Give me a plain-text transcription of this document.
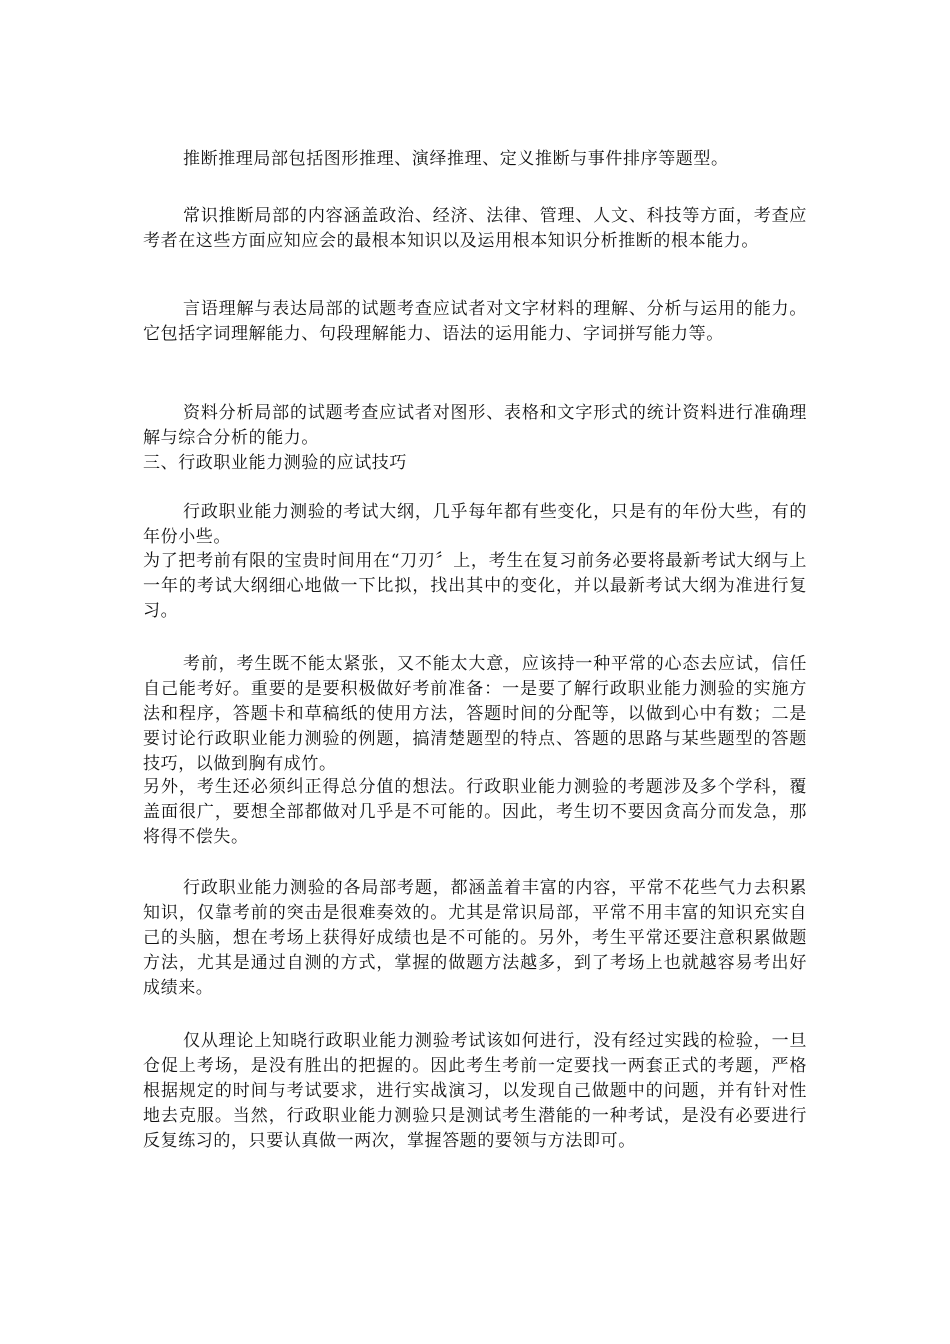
推断推理局部包括图形推理、演绎推理、定义推断与事件排序等题型。

常识推断局部的内容涵盖政治、经济、法律、管理、人文、科技等方面，考查应考者在这些方面应知应会的最根本知识以及运用根本知识分析推断的根本能力。

言语理解与表达局部的试题考查应试者对文字材料的理解、分析与运用的能力。它包括字词理解能力、句段理解能力、语法的运用能力、字词拼写能力等。

资料分析局部的试题考查应试者对图形、表格和文字形式的统计资料进行准确理解与综合分析的能力。

三、行政职业能力测验的应试技巧

行政职业能力测验的考试大纲，几乎每年都有些变化，只是有的年份大些，有的年份小些。

为了把考前有限的宝贵时间用在“刀刃〞上，考生在复习前务必要将最新考试大纲与上一年的考试大纲细心地做一下比拟，找出其中的变化，并以最新考试大纲为准进行复习。

考前，考生既不能太紧张，又不能太大意，应该持一种平常的心态去应试，信任自己能考好。重要的是要积极做好考前准备：一是要了解行政职业能力测验的实施方法和程序，答题卡和草稿纸的使用方法，答题时间的分配等，以做到心中有数；二是要讨论行政职业能力测验的例题，搞清楚题型的特点、答题的思路与某些题型的答题技巧，以做到胸有成竹。

另外，考生还必须纠正得总分值的想法。行政职业能力测验的考题涉及多个学科，覆盖面很广，要想全部都做对几乎是不可能的。因此，考生切不要因贪高分而发急，那将得不偿失。

行政职业能力测验的各局部考题，都涵盖着丰富的内容，平常不花些气力去积累知识，仅靠考前的突击是很难奏效的。尤其是常识局部，平常不用丰富的知识充实自己的头脑，想在考场上获得好成绩也是不可能的。另外，考生平常还要注意积累做题方法，尤其是通过自测的方式，掌握的做题方法越多，到了考场上也就越容易考出好成绩来。

仅从理论上知晓行政职业能力测验考试该如何进行，没有经过实践的检验，一旦仓促上考场，是没有胜出的把握的。因此考生考前一定要找一两套正式的考题，严格根据规定的时间与考试要求，进行实战演习，以发现自己做题中的问题，并有针对性地去克服。当然，行政职业能力测验只是测试考生潜能的一种考试，是没有必要进行反复练习的，只要认真做一两次，掌握答题的要领与方法即可。
